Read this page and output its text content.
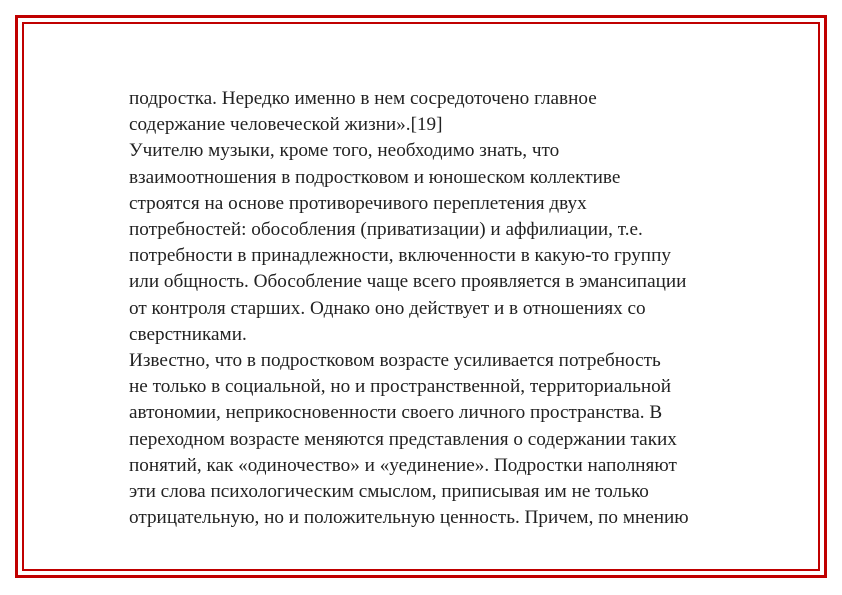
подростка. Нередко именно в нем сосредоточено главное
содержание человеческой жизни».[19]
Учителю музыки, кроме того, необходимо знать, что
взаимоотношения в подростковом и юношеском коллективе
строятся на основе противоречивого переплетения двух
потребностей: обособления (приватизации) и аффилиации, т.е.
потребности в принадлежности, включенности в какую-то группу
или общность. Обособление чаще всего проявляется в эмансипации
от контроля старших. Однако оно действует и в отношениях со
сверстниками.
Известно, что в подростковом возрасте усиливается потребность
не только в социальной, но и пространственной, территориальной
автономии, неприкосновенности своего личного пространства. В
переходном возрасте меняются представления о содержании таких
понятий, как «одиночество» и «уединение». Подростки наполняют
эти слова психологическим смыслом, приписывая им не только
отрицательную, но и положительную ценность. Причем, по мнению
